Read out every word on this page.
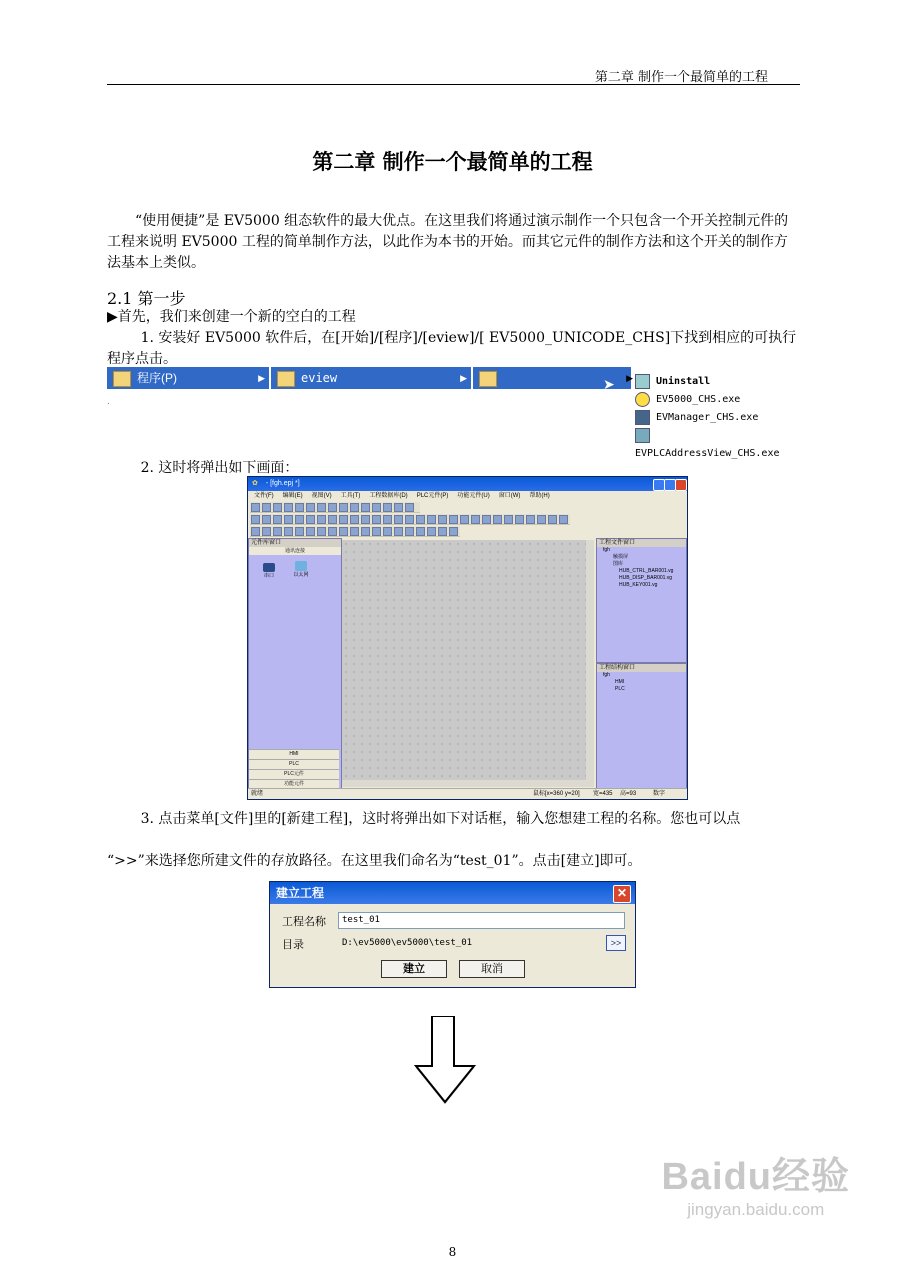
第二章 制作一个最简单的工程
第二章 制作一个最简单的工程
“使用便捷”是 EV5000 组态软件的最大优点。在这里我们将通过演示制作一个只包含一个开关控制元件的工程来说明 EV5000 工程的简单制作方法，以此作为本书的开始。而其它元件的制作方法和这个开关的制作方法基本上类似。
2.1 第一步
▶首先，我们来创建一个新的空白的工程
1. 安装好 EV5000 软件后，在[开始]/[程序]/[eview]/[ EV5000_UNICODE_CHS]下找到相应的可执行程序点击。
程序(P)	▶	eview	▶
EV5000_UNICODE_CHS
➤ ▶
.
Uninstall
EV5000_CHS.exe
EVManager_CHS.exe
EVPLCAddressView_CHS.exe
2. 这时将弹出如下画面：
✿ - [fgh.epj *]
文件(F) 编辑(E) 视图(V) 工具(T) 工程数据库(D) PLC元件(P) 功能元件(U) 窗口(W) 帮助(H)
元件库窗口
通讯连接
串口	以太网
HMI
PLC
PLC元件
功能元件
工程文件窗口
fgh
触摸屏
图库
HUB_CTRL_BAR001.vg
HUB_DISP_BAR001.vg
HUB_KEY001.vg
工程结构窗口
fgh
HMI
PLC
就绪	鼠标[x=360 y=20] 宽=435 高=93	数字
3. 点击菜单[文件]里的[新建工程]，这时将弹出如下对话框，输入您想建工程的名称。您也可以点
“>>”来选择您所建文件的存放路径。在这里我们命名为“test_01”。点击[建立]即可。
建立工程	✕
工程名称	test_01
目录	D:\ev5000\ev5000\test_01	>>
建立	取消
Baidu经验
jingyan.baidu.com
8
